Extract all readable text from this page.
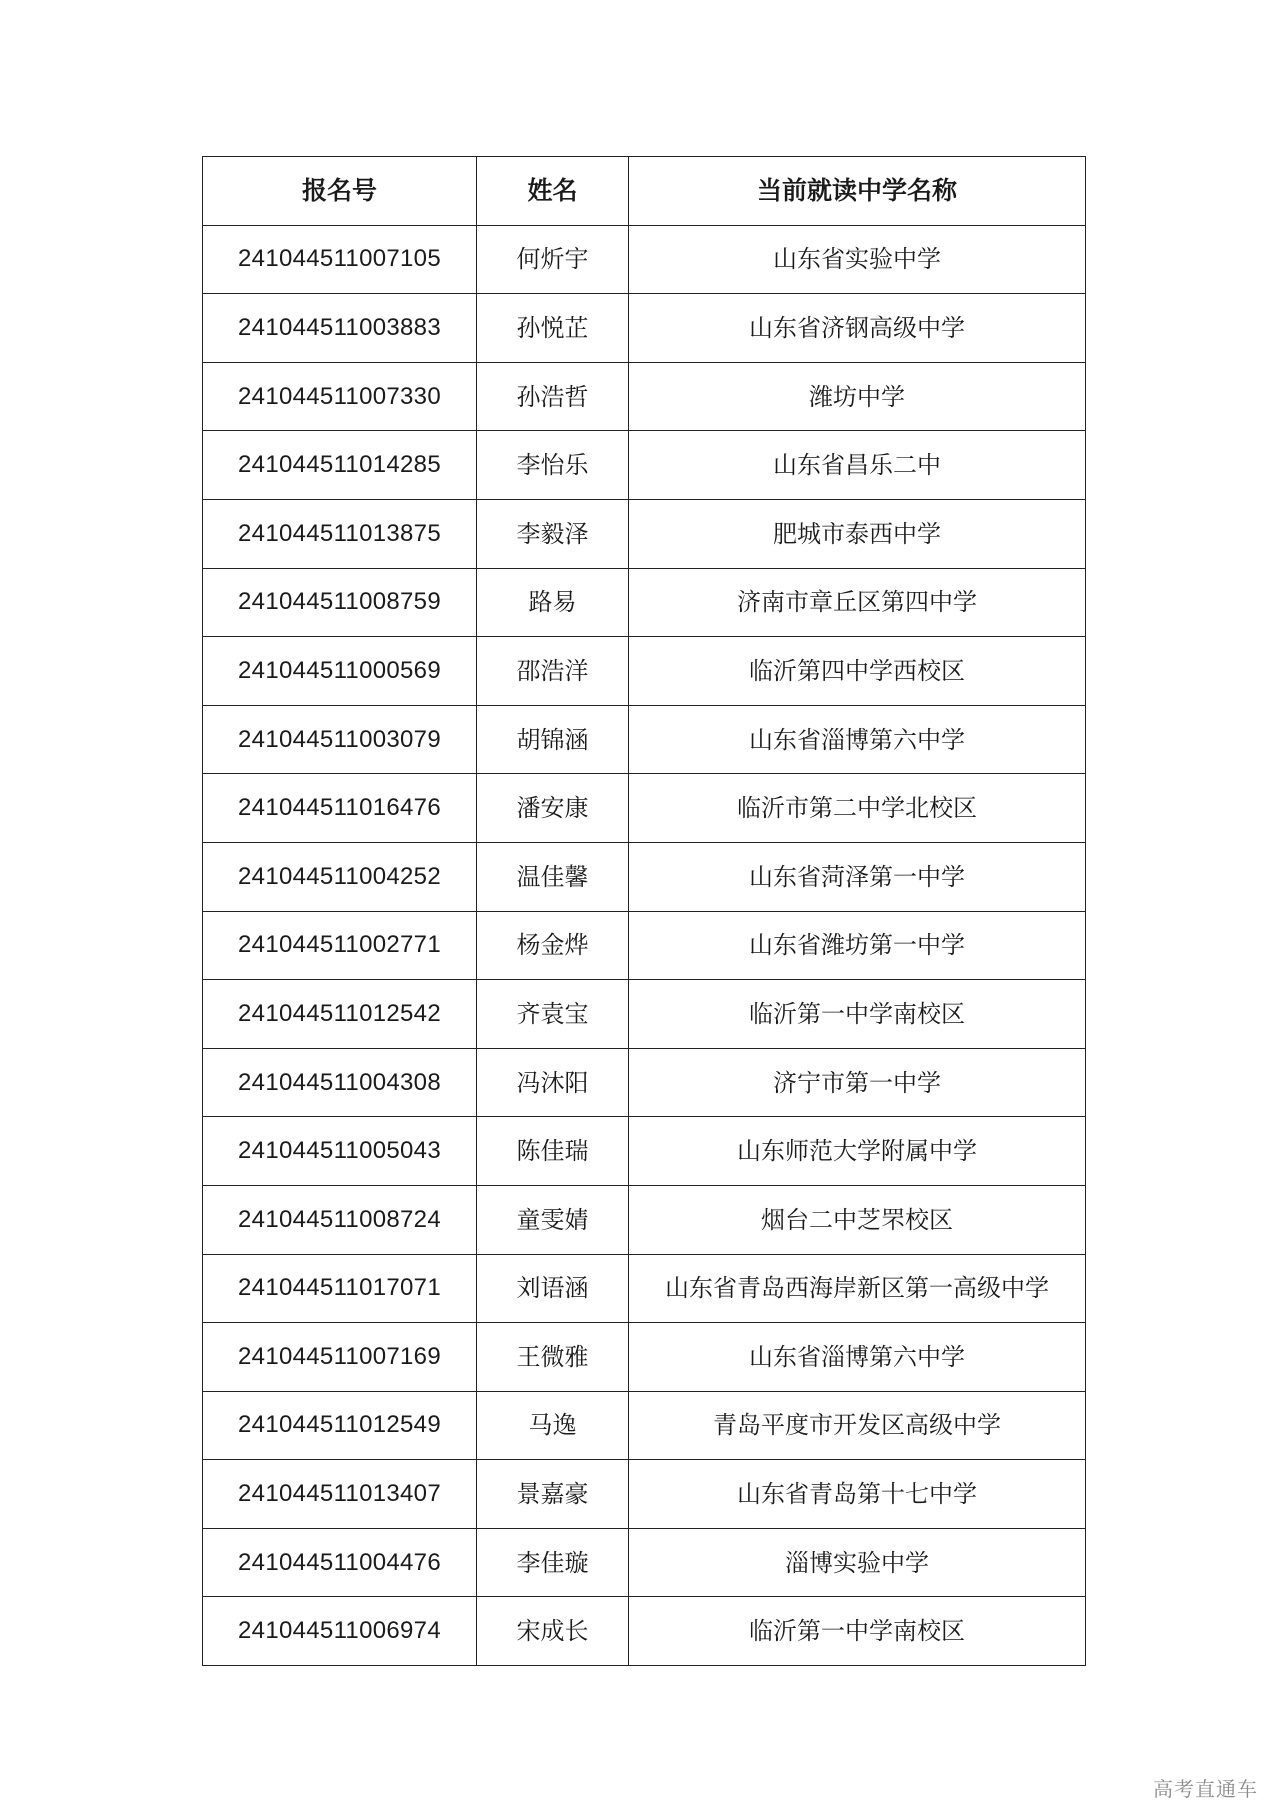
报名号	姓名	当前就读中学名称
241044511007105	何炘宇	山东省实验中学
241044511003883	孙悦芷	山东省济钢高级中学
241044511007330	孙浩哲	潍坊中学
241044511014285	李怡乐	山东省昌乐二中
241044511013875	李毅泽	肥城市泰西中学
241044511008759	路易	济南市章丘区第四中学
241044511000569	邵浩洋	临沂第四中学西校区
241044511003079	胡锦涵	山东省淄博第六中学
241044511016476	潘安康	临沂市第二中学北校区
241044511004252	温佳馨	山东省菏泽第一中学
241044511002771	杨金烨	山东省潍坊第一中学
241044511012542	齐袁宝	临沂第一中学南校区
241044511004308	冯沐阳	济宁市第一中学
241044511005043	陈佳瑞	山东师范大学附属中学
241044511008724	童雯婧	烟台二中芝罘校区
241044511017071	刘语涵	山东省青岛西海岸新区第一高级中学
241044511007169	王微雅	山东省淄博第六中学
241044511012549	马逸	青岛平度市开发区高级中学
241044511013407	景嘉豪	山东省青岛第十七中学
241044511004476	李佳璇	淄博实验中学
241044511006974	宋成长	临沂第一中学南校区
高考直通车
